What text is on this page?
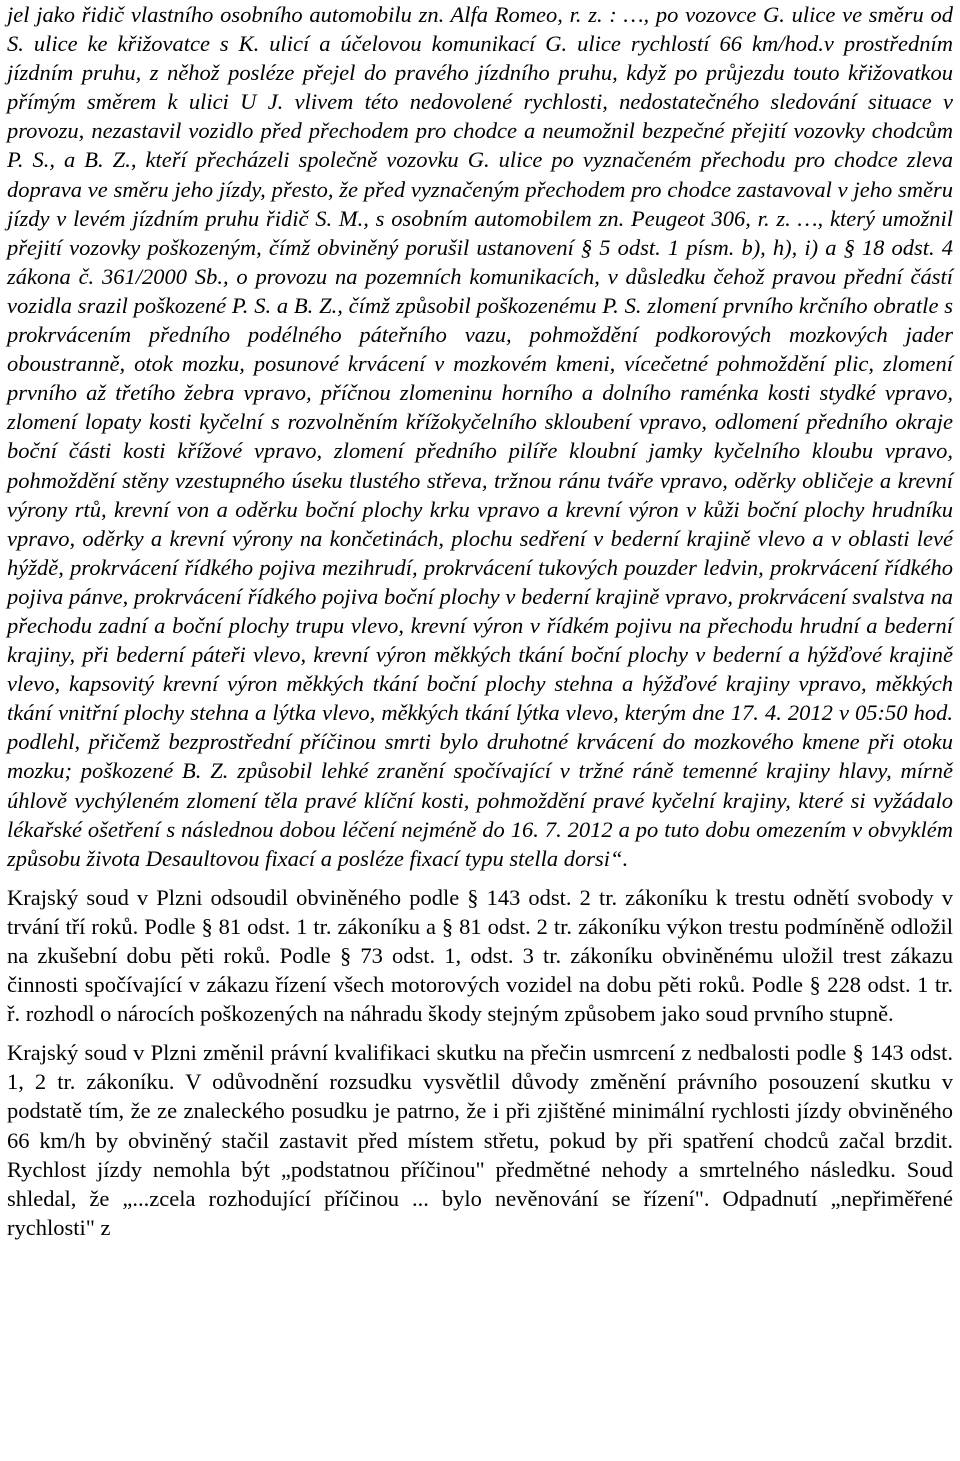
jel jako řidič vlastního osobního automobilu zn. Alfa Romeo, r. z. : …, po vozovce G. ulice ve směru od S. ulice ke křižovatce s K. ulicí a účelovou komunikací G. ulice rychlostí 66 km/hod.v prostředním jízdním pruhu, z něhož posléze přejel do pravého jízdního pruhu, když po průjezdu touto křižovatkou přímým směrem k ulici U J. vlivem této nedovolené rychlosti, nedostatečného sledování situace v provozu, nezastavil vozidlo před přechodem pro chodce a neumožnil bezpečné přejití vozovky chodcům P. S., a B. Z., kteří přecházeli společně vozovku G. ulice po vyznačeném přechodu pro chodce zleva doprava ve směru jeho jízdy, přesto, že před vyznačeným přechodem pro chodce zastavoval v jeho směru jízdy v levém jízdním pruhu řidič S. M., s osobním automobilem zn. Peugeot 306, r. z. …, který umožnil přejití vozovky poškozeným, čímž obviněný porušil ustanovení § 5 odst. 1 písm. b), h), i) a § 18 odst. 4 zákona č. 361/2000 Sb., o provozu na pozemních komunikacích, v důsledku čehož pravou přední částí vozidla srazil poškozené P. S. a B. Z., čímž způsobil poškozenému P. S. zlomení prvního krčního obratle s prokrvácením předního podélného páteřního vazu, pohmoždění podkorových mozkových jader oboustranně, otok mozku, posunové krvácení v mozkovém kmeni, vícečetné pohmoždění plic, zlomení prvního až třetího žebra vpravo, příčnou zlomeninu horního a dolního raménka kosti stydké vpravo, zlomení lopaty kosti kyčelní s rozvolněním křížokyčelního skloubení vpravo, odlomení předního okraje boční části kosti křížové vpravo, zlomení předního pilíře kloubní jamky kyčelního kloubu vpravo, pohmoždění stěny vzestupného úseku tlustého střeva, tržnou ránu tváře vpravo, oděrky obličeje a krevní výrony rtů, krevní von a oděrku boční plochy krku vpravo a krevní výron v kůži boční plochy hrudníku vpravo, oděrky a krevní výrony na končetinách, plochu sedření v bederní krajině vlevo a v oblasti levé hýždě, prokrvácení řídkého pojiva mezihrudí, prokrvácení tukových pouzder ledvin, prokrvácení řídkého pojiva pánve, prokrvácení řídkého pojiva boční plochy v bederní krajině vpravo, prokrvácení svalstva na přechodu zadní a boční plochy trupu vlevo, krevní výron v řídkém pojivu na přechodu hrudní a bederní krajiny, při bederní páteři vlevo, krevní výron měkkých tkání boční plochy v bederní a hýžďové krajině vlevo, kapsovitý krevní výron měkkých tkání boční plochy stehna a hýžďové krajiny vpravo, měkkých tkání vnitřní plochy stehna a lýtka vlevo, měkkých tkání lýtka vlevo, kterým dne 17. 4. 2012 v 05:50 hod. podlehl, přičemž bezprostřední příčinou smrti bylo druhotné krvácení do mozkového kmene při otoku mozku; poškozené B. Z. způsobil lehké zranění spočívající v tržné ráně temenné krajiny hlavy, mírně úhlově vychýleném zlomení těla pravé klíční kosti, pohmoždění pravé kyčelní krajiny, které si vyžádalo lékařské ošetření s následnou dobou léčení nejméně do 16. 7. 2012 a po tuto dobu omezením v obvyklém způsobu života Desaultovou fixací a posléze fixací typu stella dorsi“.

Krajský soud v Plzni odsoudil obviněného podle § 143 odst. 2 tr. zákoníku k trestu odnětí svobody v trvání tří roků. Podle § 81 odst. 1 tr. zákoníku a § 81 odst. 2 tr. zákoníku výkon trestu podmíněně odložil na zkušební dobu pěti roků. Podle § 73 odst. 1, odst. 3 tr. zákoníku obviněnému uložil trest zákazu činnosti spočívající v zákazu řízení všech motorových vozidel na dobu pěti roků. Podle § 228 odst. 1 tr. ř. rozhodl o nárocích poškozených na náhradu škody stejným způsobem jako soud prvního stupně.

Krajský soud v Plzni změnil právní kvalifikaci skutku na přečin usmrcení z nedbalosti podle § 143 odst. 1, 2 tr. zákoníku. V odůvodnění rozsudku vysvětlil důvody změnění právního posouzení skutku v podstatě tím, že ze znaleckého posudku je patrno, že i při zjištěné minimální rychlosti jízdy obviněného 66 km/h by obviněný stačil zastavit před místem střetu, pokud by při spatření chodců začal brzdit. Rychlost jízdy nemohla být „podstatnou příčinou" předmětné nehody a smrtelného následku. Soud shledal, že „...zcela rozhodující příčinou ... bylo nevěnování se řízení". Odpadnutí „nepřiměřené rychlosti" z
